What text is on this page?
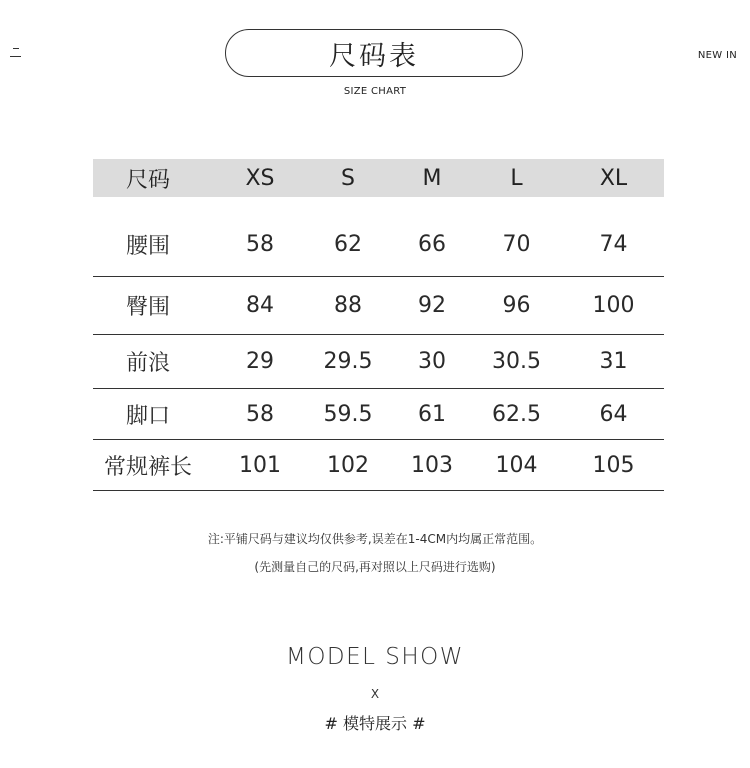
NEW IN
尺码表
SIZE CHART
尺码	XS	S	M	L	XL
腰围	58	62	66	70	74
臀围	84	88	92	96	100
前浪	29	29.5	30	30.5	31
脚口	58	59.5	61	62.5	64
常规裤长	101	102	103	104	105
注:平铺尺码与建议均仅供参考,误差在1-4CM内均属正常范围。
(先测量自己的尺码,再对照以上尺码进行选购)
MODEL SHOW
X
# 模特展示 #
